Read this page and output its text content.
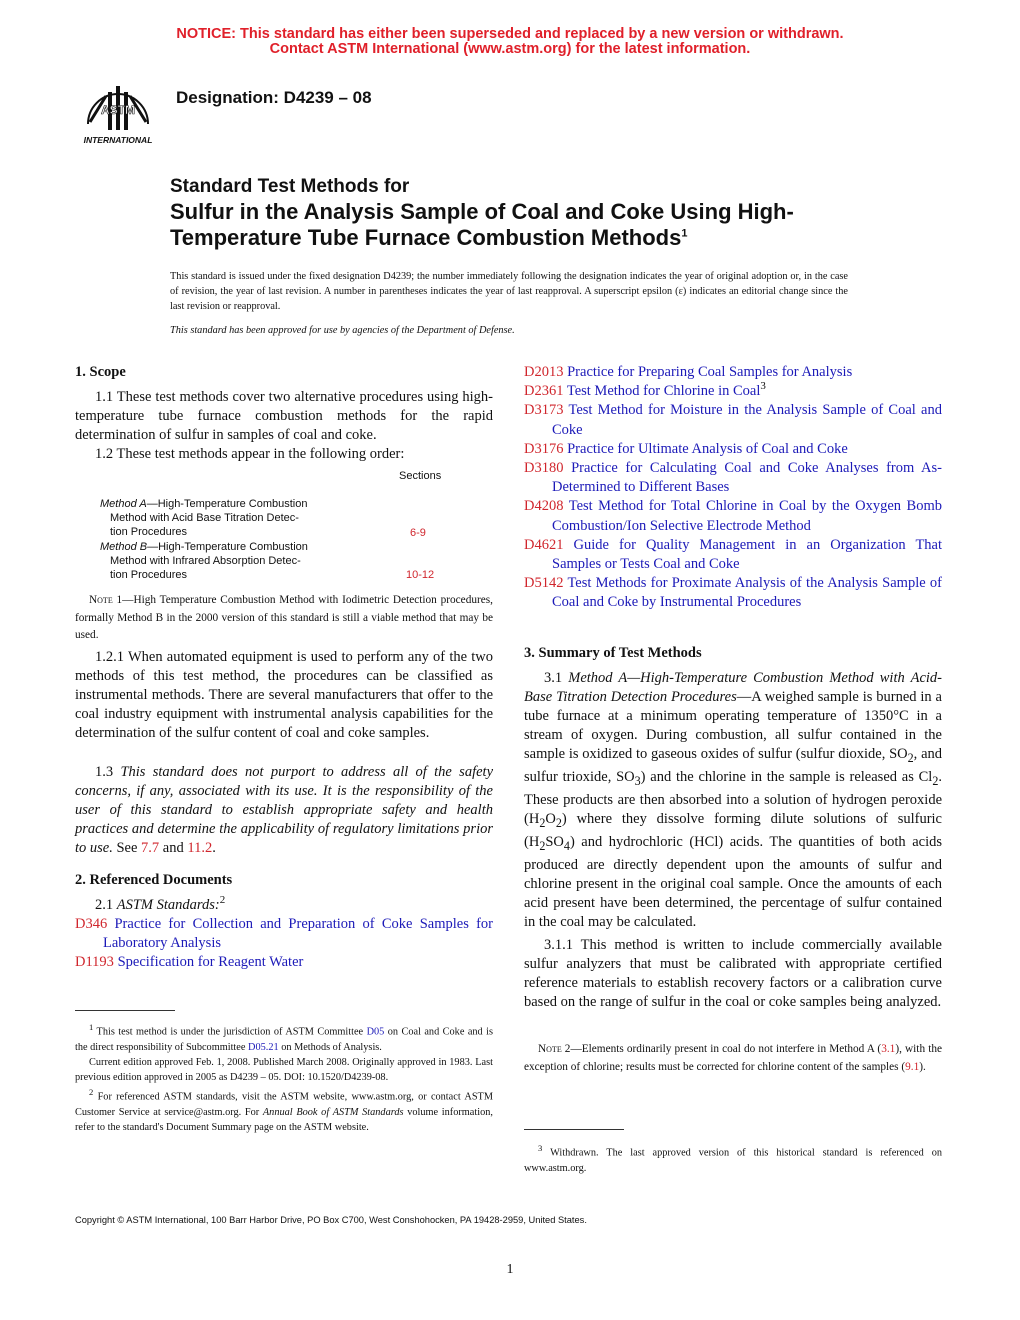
NOTICE: This standard has either been superseded and replaced by a new version or withdrawn.
Contact ASTM International (www.astm.org) for the latest information.
INTERNATIONAL
ASTM
Designation: D4239 – 08
Standard Test Methods for
Sulfur in the Analysis Sample of Coal and Coke Using High-
Temperature Tube Furnace Combustion Methods$^1$
This standard is issued under the fixed designation D4239; the number immediately following the designation indicates the year of original adoption or, in the case of revision, the year of last revision. A number in parentheses indicates the year of last reapproval. A superscript epsilon (ε) indicates an editorial change since the last revision or reapproval.
This standard has been approved for use by agencies of the Department of Defense.
1. Scope

1.1 These test methods cover two alternative procedures using high-temperature tube furnace combustion methods for the rapid determination of sulfur in samples of coal and coke.

1.2 These test methods appear in the following order:

Sections
Method A—High-Temperature Combustion
Method with Acid Base Titration Detec-
tion Procedures	6-9
Method B—High-Temperature Combustion
Method with Infrared Absorption Detec-
tion Procedures	10-12

Note 1—High Temperature Combustion Method with Iodimetric Detection procedures, formally Method B in the 2000 version of this standard is still a viable method that may be used.

1.2.1 When automated equipment is used to perform any of the two methods of this test method, the procedures can be classified as instrumental methods. There are several manufacturers that offer to the coal industry equipment with instrumental analysis capabilities for the determination of the sulfur content of coal and coke samples.

1.3 This standard does not purport to address all of the safety concerns, if any, associated with its use. It is the responsibility of the user of this standard to establish appropriate safety and health practices and determine the applicability of regulatory limitations prior to use. See 7.7 and 11.2.

2. Referenced Documents

2.1 ASTM Standards:$^2$

D346 Practice for Collection and Preparation of Coke Samples for Laboratory Analysis

D1193 Specification for Reagent Water

$^1$ This test method is under the jurisdiction of ASTM Committee D05 on Coal and Coke and is the direct responsibility of Subcommittee D05.21 on Methods of Analysis.

Current edition approved Feb. 1, 2008. Published March 2008. Originally approved in 1983. Last previous edition approved in 2005 as D4239 – 05. DOI: 10.1520/D4239-08.

$^2$ For referenced ASTM standards, visit the ASTM website, www.astm.org, or contact ASTM Customer Service at service@astm.org. For Annual Book of ASTM Standards volume information, refer to the standard's Document Summary page on the ASTM website.

D2013 Practice for Preparing Coal Samples for Analysis

D2361 Test Method for Chlorine in Coal$^3$

D3173 Test Method for Moisture in the Analysis Sample of Coal and Coke

D3176 Practice for Ultimate Analysis of Coal and Coke

D3180 Practice for Calculating Coal and Coke Analyses from As-Determined to Different Bases

D4208 Test Method for Total Chlorine in Coal by the Oxygen Bomb Combustion/Ion Selective Electrode Method

D4621 Guide for Quality Management in an Organization That Samples or Tests Coal and Coke

D5142 Test Methods for Proximate Analysis of the Analysis Sample of Coal and Coke by Instrumental Procedures

3. Summary of Test Methods

3.1 Method A—High-Temperature Combustion Method with Acid-Base Titration Detection Procedures—A weighed sample is burned in a tube furnace at a minimum operating temperature of 1350°C in a stream of oxygen. During combustion, all sulfur contained in the sample is oxidized to gaseous oxides of sulfur (sulfur dioxide, $SO_2$, and sulfur trioxide, $SO_3$) and the chlorine in the sample is released as $Cl_2$. These products are then absorbed into a solution of hydrogen peroxide $(H_2O_2)$ where they dissolve forming dilute solutions of sulfuric $(H_2SO_4)$ and hydrochloric (HCl) acids. The quantities of both acids produced are directly dependent upon the amounts of sulfur and chlorine present in the original coal sample. Once the amounts of each acid present have been determined, the percentage of sulfur contained in the coal may be calculated.

3.1.1 This method is written to include commercially available sulfur analyzers that must be calibrated with appropriate certified reference materials to establish recovery factors or a calibration curve based on the range of sulfur in the coal or coke samples being analyzed.

Note 2—Elements ordinarily present in coal do not interfere in Method A (3.1), with the exception of chlorine; results must be corrected for chlorine content of the samples (9.1).

$^3$ Withdrawn. The last approved version of this historical standard is referenced on www.astm.org.

Copyright © ASTM International, 100 Barr Harbor Drive, PO Box C700, West Conshohocken, PA 19428-2959, United States.
1
